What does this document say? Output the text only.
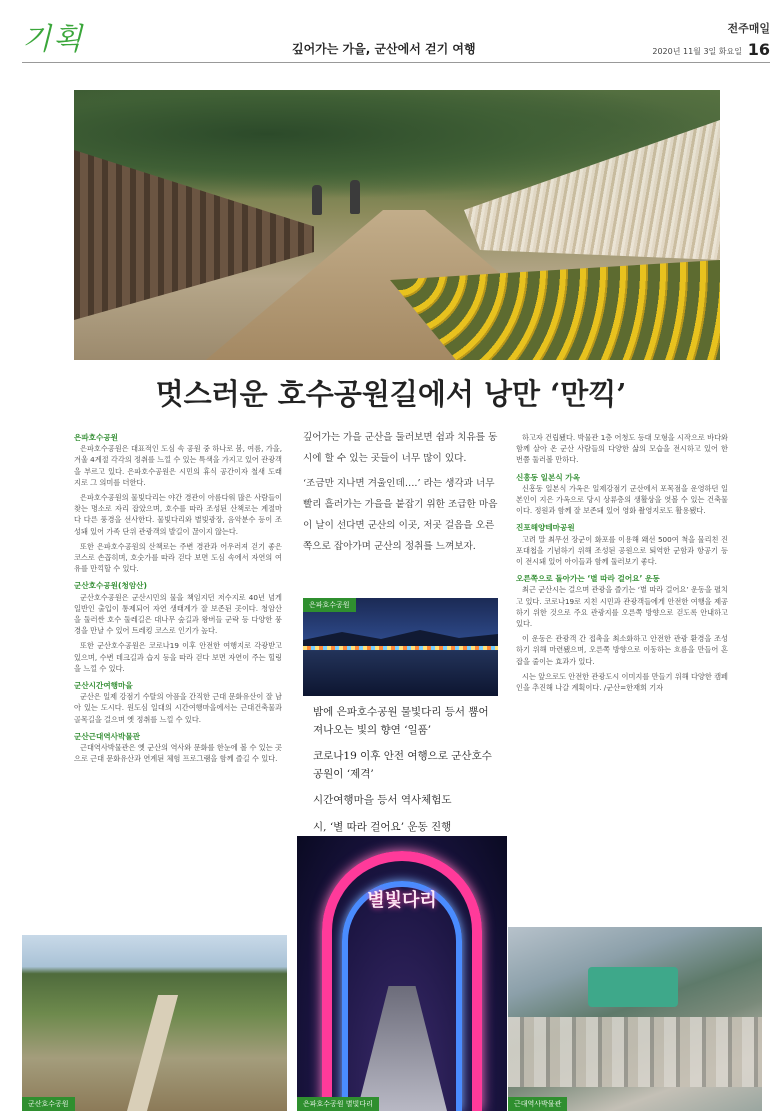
기획	깊어가는 가을, 군산에서 걷기 여행
전주매일
2020년 11월 3일 화요일 16
멋스러운 호수공원길에서 낭만 ‘만끽’
은파호수공원

은파호수공원은 대표적인 도심 속 공원 중 하나로 봄, 여름, 가을, 겨울 4계절 각각의 정취를 느낄 수 있는 특색을 가지고 있어 관광객을 부르고 있다. 은파호수공원은 시민의 휴식 공간이자 철새 도래지로 그 의미를 더한다.

은파호수공원의 물빛다리는 야간 경관이 아름다워 많은 사람들이 찾는 명소로 자리 잡았으며, 호수를 따라 조성된 산책로는 계절마다 다른 풍경을 선사한다. 물빛다리와 별빛광장, 음악분수 등이 조성돼 있어 가족 단위 관광객의 발길이 끊이지 않는다.

또한 은파호수공원의 산책로는 주변 경관과 어우러져 걷기 좋은 코스로 손꼽히며, 호숫가를 따라 걷다 보면 도심 속에서 자연의 여유를 만끽할 수 있다.

군산호수공원(청암산)

군산호수공원은 군산시민의 물을 책임지던 저수지로 40년 넘게 일반인 출입이 통제되어 자연 생태계가 잘 보존된 곳이다. 청암산을 둘러싼 호수 둘레길은 대나무 숲길과 왕버들 군락 등 다양한 풍경을 만날 수 있어 트레킹 코스로 인기가 높다.

또한 군산호수공원은 코로나19 이후 안전한 여행지로 각광받고 있으며, 수변 데크길과 습지 등을 따라 걷다 보면 자연이 주는 힐링을 느낄 수 있다.

군산시간여행마을

군산은 일제 강점기 수탈의 아픔을 간직한 근대 문화유산이 잘 남아 있는 도시다. 원도심 일대의 시간여행마을에서는 근대건축물과 골목길을 걸으며 옛 정취를 느낄 수 있다.

군산근대역사박물관

근대역사박물관은 옛 군산의 역사와 문화를 한눈에 볼 수 있는 곳으로 근대 문화유산과 연계된 체험 프로그램을 함께 즐길 수 있다.

깊어가는 가을 군산을 둘러보면 쉼과 치유를 동시에 할 수 있는 곳들이 너무 많이 있다.

‘조금만 지나면 겨울인데….’ 라는 생각과 너무 빨리 흘러가는 가을을 붙잡기 위한 조급한 마음이 날이 선다면 군산의 이곳, 저곳 걸음을 오른쪽으로 잡아가며 군산의 정취를 느껴보자.

은파호수공원

밤에 은파호수공원 물빛다리 등서 뿜어져나오는 빛의 향연 ‘일품’

코로나19 이후 안전 여행으로 군산호수공원이 ‘제격’

시간여행마을 등서 역사체험도

시, ‘별 따라 걸어요’ 운동 진행

하고자 건립됐다. 박물관 1층 어청도 등대 모형을 시작으로 바다와 함께 살아 온 군산 사람들의 다양한 삶의 모습을 전시하고 있어 한 번쯤 둘러볼 만하다.

신흥동 일본식 가옥

신흥동 일본식 가옥은 일제강점기 군산에서 포목점을 운영하던 일본인이 지은 가옥으로 당시 상류층의 생활상을 엿볼 수 있는 건축물이다. 정원과 함께 잘 보존돼 있어 영화 촬영지로도 활용됐다.

진포해양테마공원

고려 말 최무선 장군이 화포를 이용해 왜선 500여 척을 물리친 진포대첩을 기념하기 위해 조성된 공원으로 퇴역한 군함과 항공기 등이 전시돼 있어 아이들과 함께 둘러보기 좋다.

오른쪽으로 돌아가는 ‘별 따라 걸어요’ 운동

최근 군산시는 걸으며 관광을 즐기는 ‘별 따라 걸어요’ 운동을 펼치고 있다. 코로나19로 지친 시민과 관광객들에게 안전한 여행을 제공하기 위한 것으로 주요 관광지를 오른쪽 방향으로 걷도록 안내하고 있다.

이 운동은 관광객 간 접촉을 최소화하고 안전한 관광 환경을 조성하기 위해 마련됐으며, 오른쪽 방향으로 이동하는 흐름을 만들어 혼잡을 줄이는 효과가 있다.

시는 앞으로도 안전한 관광도시 이미지를 만들기 위해 다양한 캠페인을 추진해 나갈 계획이다. /군산=한재희 기자

군산호수공원
별빛다리
은파호수공원 별빛다리	근대역사박물관
